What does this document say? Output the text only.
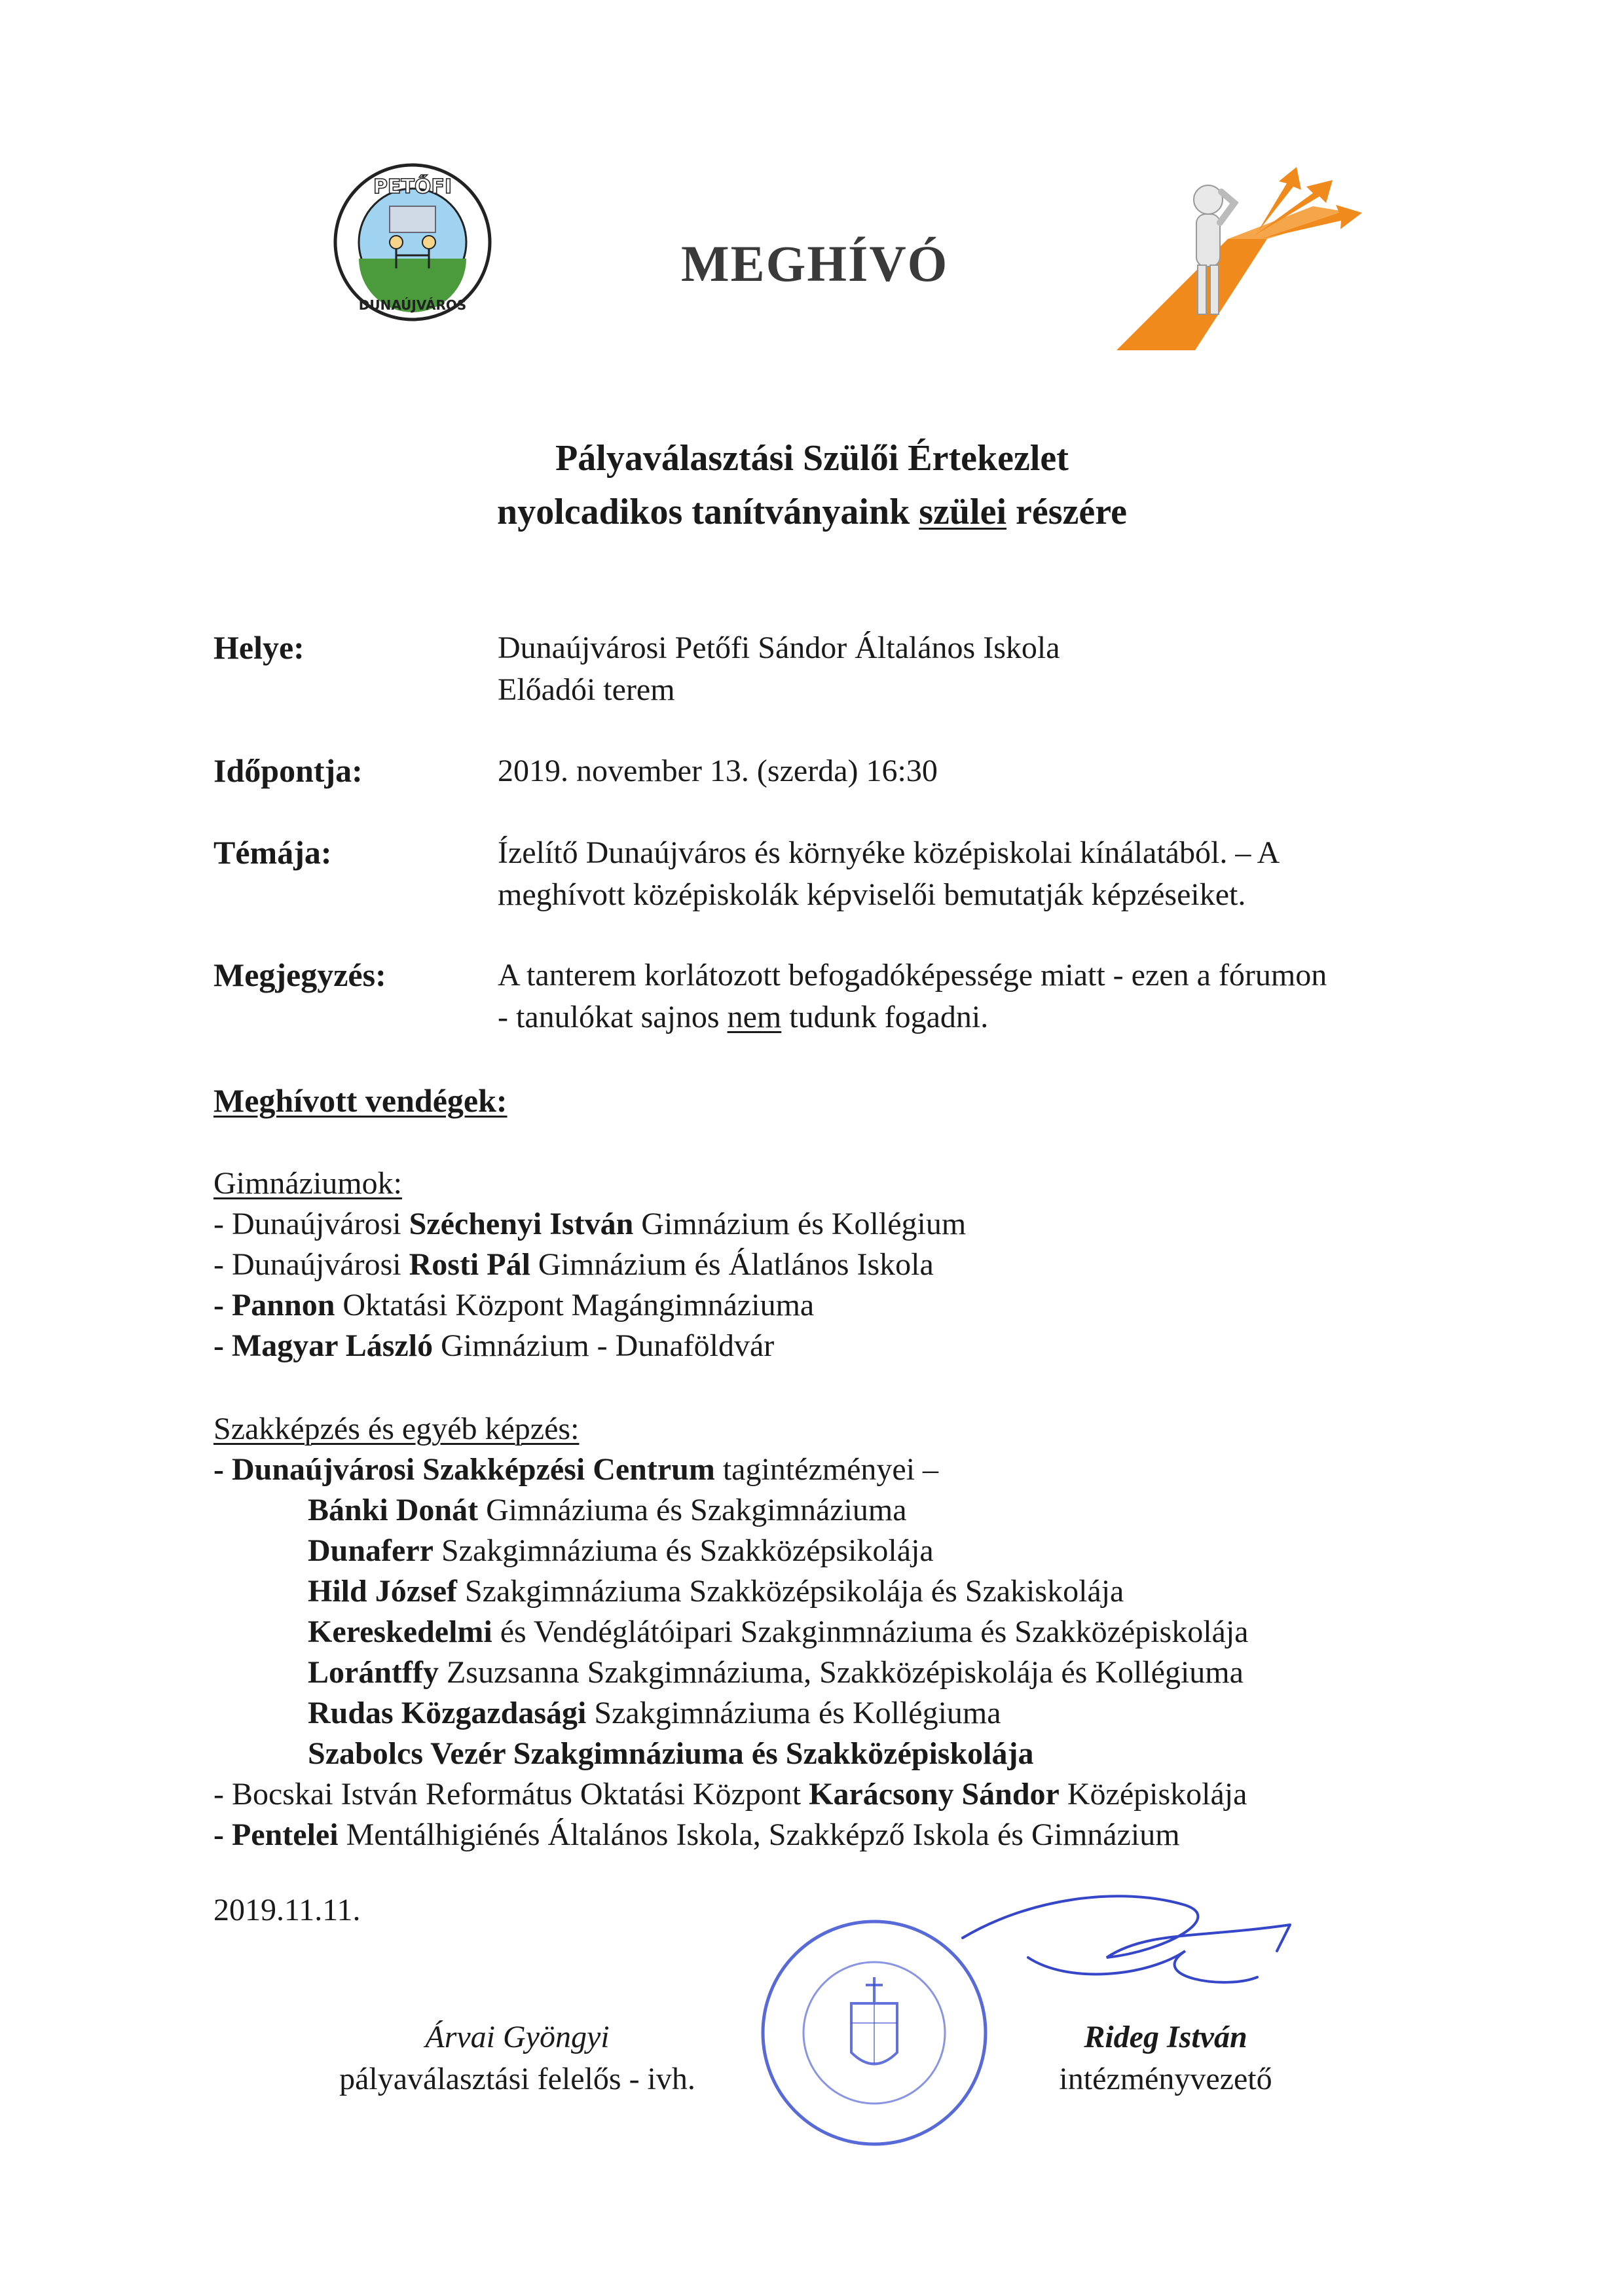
PETŐFI
DUNAÚJVÁROS
MEGHÍVÓ
Pályaválasztási Szülői Értekezlet
nyolcadikos tanítványaink szülei részére
Helye:	Dunaújvárosi Petőfi Sándor Általános Iskola
Előadói terem
Időpontja:	2019. november 13. (szerda) 16:30
Témája:	Ízelítő Dunaújváros és környéke középiskolai kínálatából. – A
meghívott középiskolák képviselői bemutatják képzéseiket.
Megjegyzés:	A tanterem korlátozott befogadóképessége miatt - ezen a fórumon
- tanulókat sajnos nem tudunk fogadni.
Meghívott vendégek:
Gimnáziumok:
- Dunaújvárosi Széchenyi István Gimnázium és Kollégium
- Dunaújvárosi Rosti Pál Gimnázium és Álatlános Iskola
- Pannon Oktatási Központ Magángimnáziuma
- Magyar László Gimnázium - Dunaföldvár
Szakképzés és egyéb képzés:
- Dunaújvárosi Szakképzési Centrum tagintézményei –
Bánki Donát Gimnáziuma és Szakgimnáziuma
Dunaferr Szakgimnáziuma és Szakközépsikolája
Hild József Szakgimnáziuma Szakközépsikolája és Szakiskolája
Kereskedelmi és Vendéglátóipari Szakginmnáziuma és Szakközépiskolája
Lorántffy Zsuzsanna Szakgimnáziuma, Szakközépiskolája és Kollégiuma
Rudas Közgazdasági Szakgimnáziuma és Kollégiuma
Szabolcs Vezér Szakgimnáziuma és Szakközépiskolája
- Bocskai István Református Oktatási Központ Karácsony Sándor Középiskolája
- Pentelei Mentálhigiénés Általános Iskola, Szakképző Iskola és Gimnázium
2019.11.11.
Árvai Gyöngyi
pályaválasztási felelős - ivh.
Rideg István
intézményvezető
